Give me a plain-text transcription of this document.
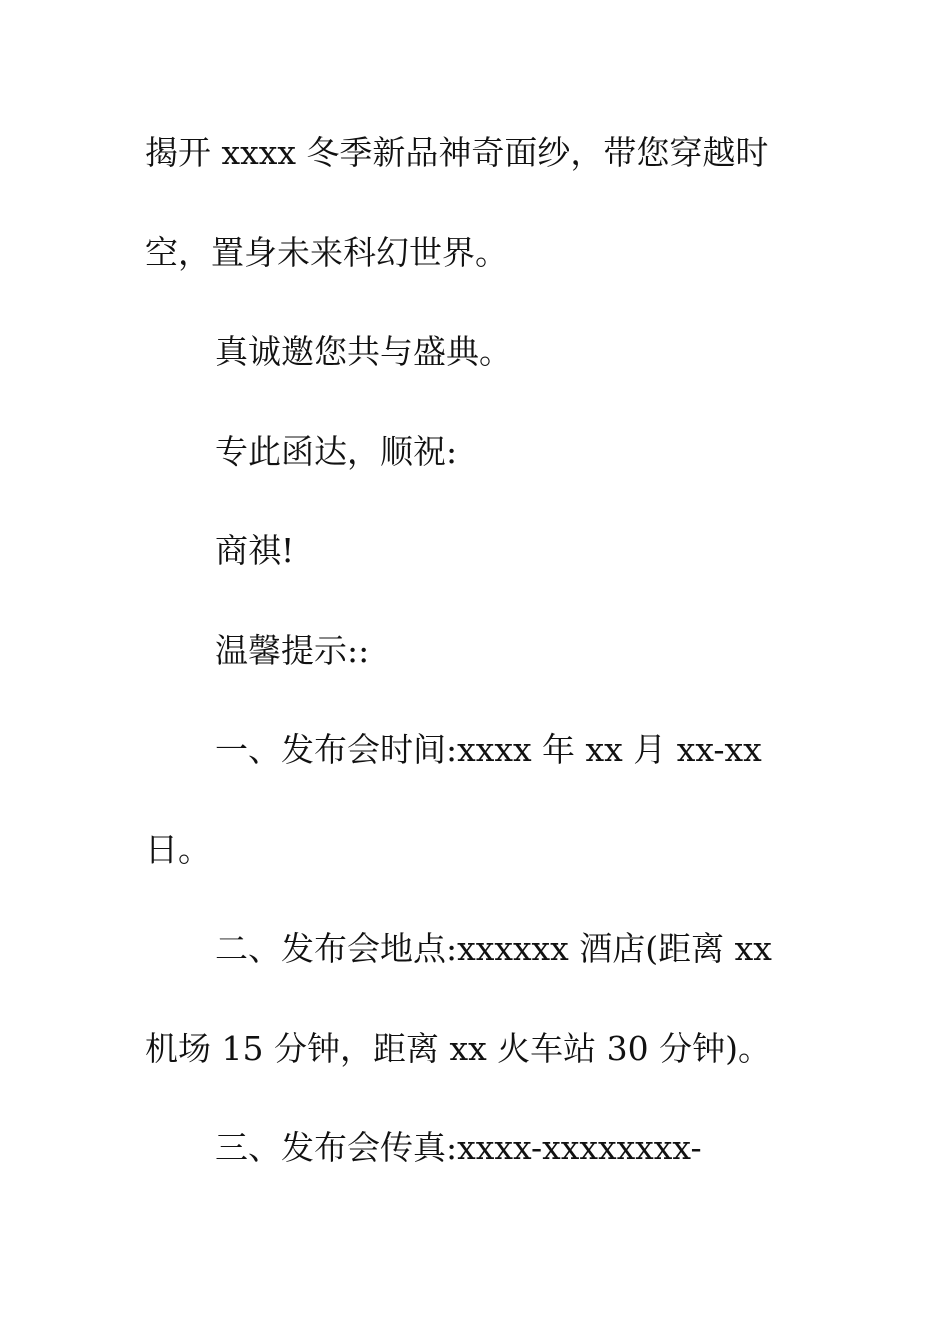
揭开 xxxx 冬季新品神奇面纱，带您穿越时
空，置身未来科幻世界。
真诚邀您共与盛典。
专此函达，顺祝:
商祺!
温馨提示::
一、发布会时间:xxxx 年 xx 月 xx-xx
日。
二、发布会地点:xxxxxx 酒店(距离 xx
机场 15 分钟，距离 xx 火车站 30 分钟)。
三、发布会传真:xxxx-xxxxxxxx-
